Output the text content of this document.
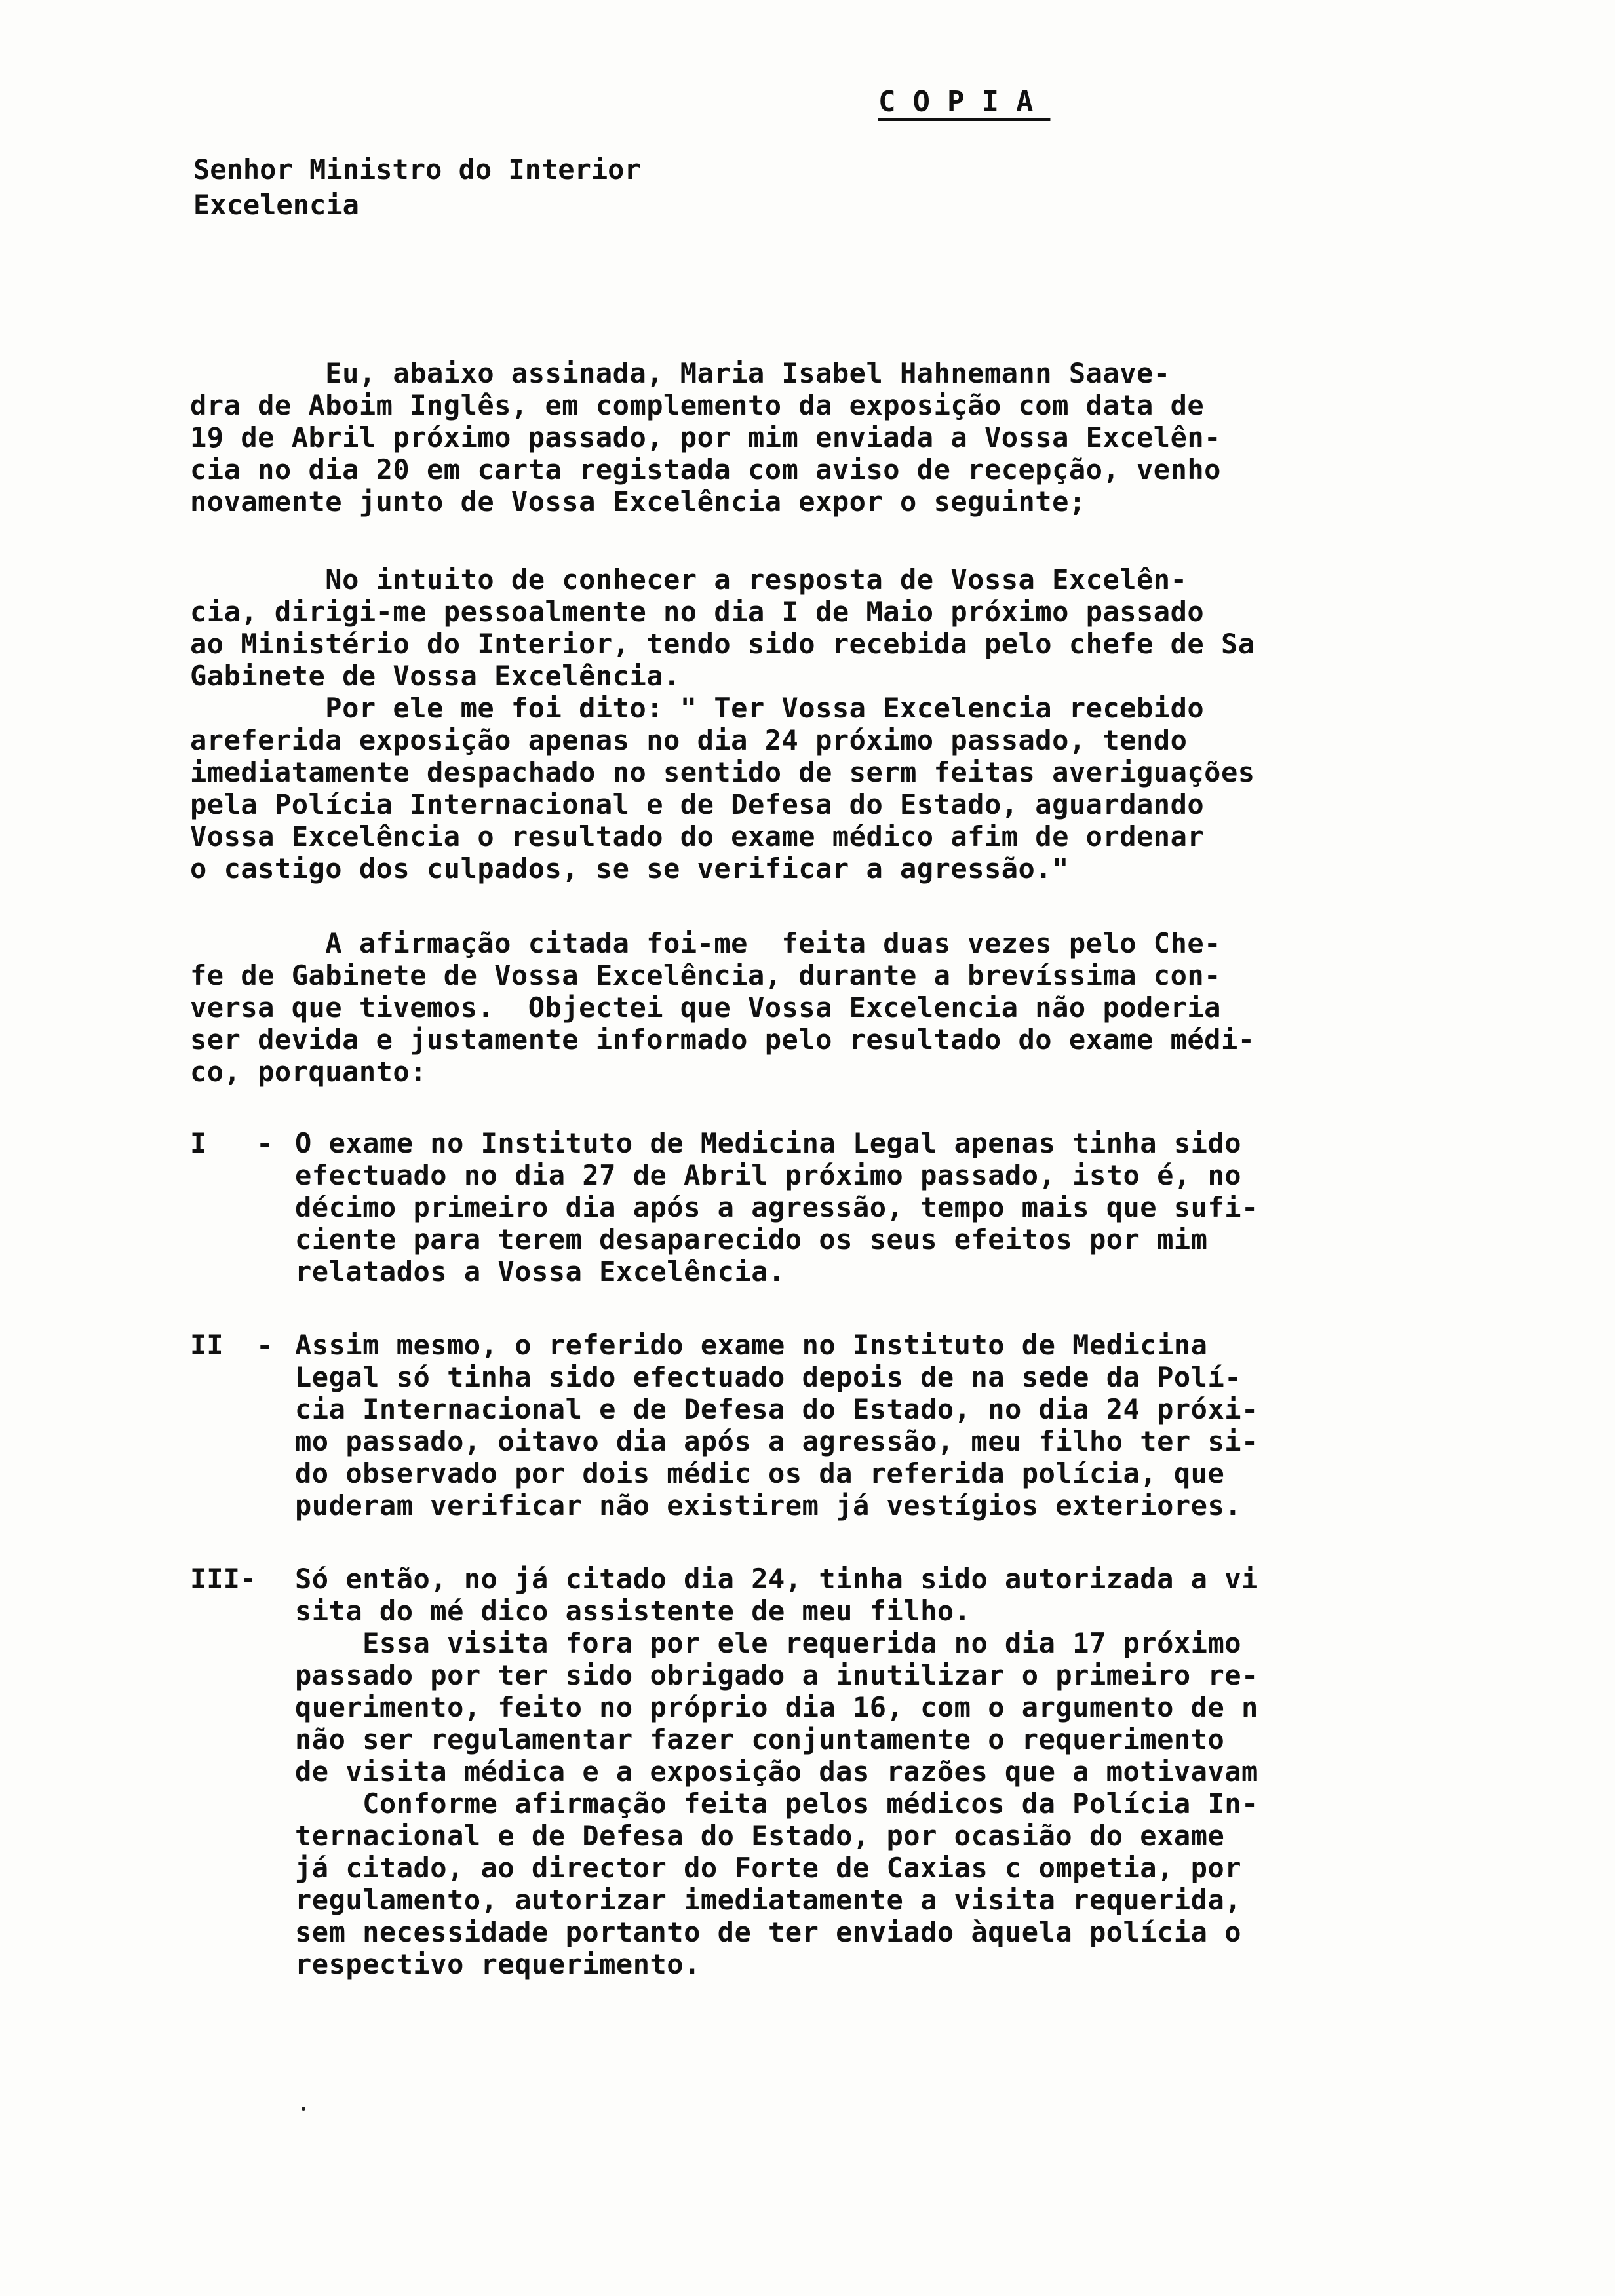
COPIA
Senhor Ministro do Interior
Excelencia
Eu, abaixo assinada, Maria Isabel Hahnemann Saave-
dra de Aboim Inglês, em complemento da exposição com data de
19 de Abril próximo passado, por mim enviada a Vossa Excelên-
cia no dia 20 em carta registada com aviso de recepção, venho
novamente junto de Vossa Excelência expor o seguinte;
No intuito de conhecer a resposta de Vossa Excelên-
cia, dirigi-me pessoalmente no dia I de Maio próximo passado
ao Ministério do Interior, tendo sido recebida pelo chefe de Sa
Gabinete de Vossa Excelência.
Por ele me foi dito: " Ter Vossa Excelencia recebido
areferida exposição apenas no dia 24 próximo passado, tendo
imediatamente despachado no sentido de serm feitas averiguações
pela Polícia Internacional e de Defesa do Estado, aguardando
Vossa Excelência o resultado do exame médico afim de ordenar
o castigo dos culpados, se se verificar a agressão."
A afirmação citada foi-me  feita duas vezes pelo Che-
fe de Gabinete de Vossa Excelência, durante a brevíssima con-
versa que tivemos.  Objectei que Vossa Excelencia não poderia
ser devida e justamente informado pelo resultado do exame médi-
co, porquanto:
I   - O exame no Instituto de Medicina Legal apenas tinha sido
efectuado no dia 27 de Abril próximo passado, isto é, no
décimo primeiro dia após a agressão, tempo mais que sufi-
ciente para terem desaparecido os seus efeitos por mim
relatados a Vossa Excelência.
II  - Assim mesmo, o referido exame no Instituto de Medicina
Legal só tinha sido efectuado depois de na sede da Polí-
cia Internacional e de Defesa do Estado, no dia 24 próxi-
mo passado, oitavo dia após a agressão, meu filho ter si-
do observado por dois médic os da referida polícia, que
puderam verificar não existirem já vestígios exteriores.
III- Só então, no já citado dia 24, tinha sido autorizada a vi
sita do mé dico assistente de meu filho.
Essa visita fora por ele requerida no dia 17 próximo
passado por ter sido obrigado a inutilizar o primeiro re-
querimento, feito no próprio dia 16, com o argumento de n
não ser regulamentar fazer conjuntamente o requerimento
de visita médica e a exposição das razões que a motivavam
Conforme afirmação feita pelos médicos da Polícia In-
ternacional e de Defesa do Estado, por ocasião do exame
já citado, ao director do Forte de Caxias c ompetia, por
regulamento, autorizar imediatamente a visita requerida,
sem necessidade portanto de ter enviado àquela polícia o
respectivo requerimento.
